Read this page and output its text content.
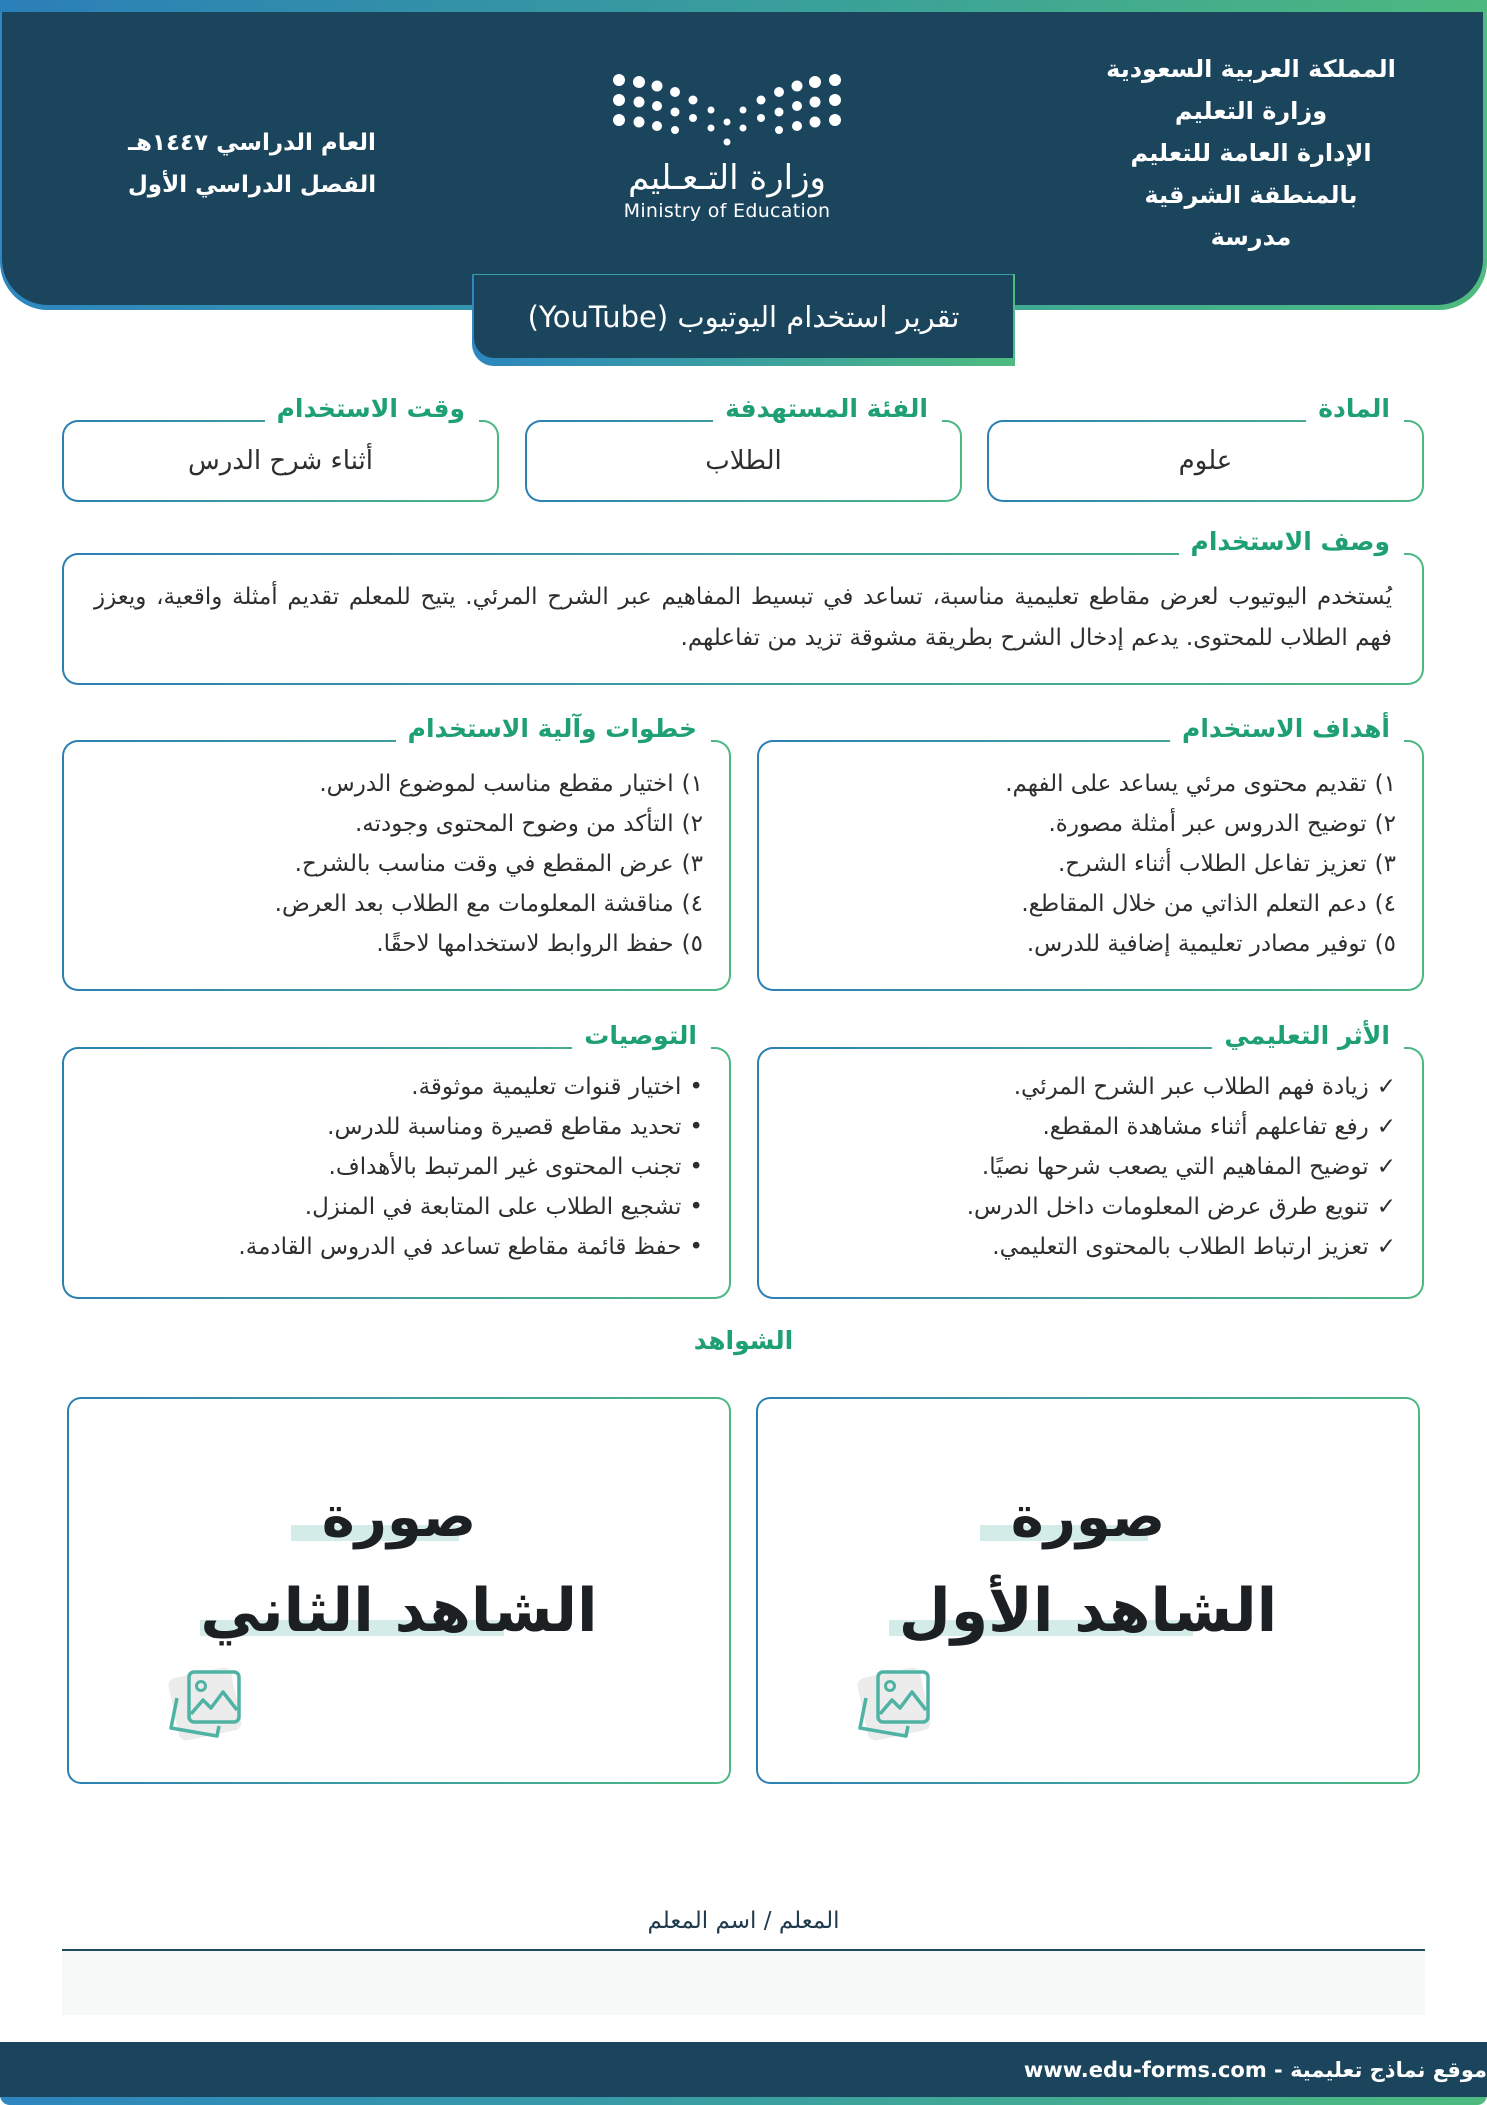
المملكة العربية السعودية
وزارة التعليم
الإدارة العامة للتعليم
بالمنطقة الشرقية
مدرسة
وزارة التـعـليم
Ministry of Education
العام الدراسي ١٤٤٧هـ
الفصل الدراسي الأول
تقرير استخدام اليوتيوب (YouTube)
المادة
علوم
الفئة المستهدفة
الطلاب
وقت الاستخدام
أثناء شرح الدرس
وصف الاستخدام
يُستخدم اليوتيوب لعرض مقاطع تعليمية مناسبة، تساعد في تبسيط المفاهيم عبر الشرح المرئي. يتيح للمعلم تقديم أمثلة واقعية، ويعزز فهم الطلاب للمحتوى. يدعم إدخال الشرح بطريقة مشوقة تزيد من تفاعلهم.
أهداف الاستخدام
١)
تقديم محتوى مرئي يساعد على الفهم.
٢)
توضيح الدروس عبر أمثلة مصورة.
٣)
تعزيز تفاعل الطلاب أثناء الشرح.
٤)
دعم التعلم الذاتي من خلال المقاطع.
٥)
توفير مصادر تعليمية إضافية للدرس.
خطوات وآلية الاستخدام
١)
اختيار مقطع مناسب لموضوع الدرس.
٢)
التأكد من وضوح المحتوى وجودته.
٣)
عرض المقطع في وقت مناسب بالشرح.
٤)
مناقشة المعلومات مع الطلاب بعد العرض.
٥)
حفظ الروابط لاستخدامها لاحقًا.
الأثر التعليمي
✓
زيادة فهم الطلاب عبر الشرح المرئي.
✓
رفع تفاعلهم أثناء مشاهدة المقطع.
✓
توضيح المفاهيم التي يصعب شرحها نصيًا.
✓
تنويع طرق عرض المعلومات داخل الدرس.
✓
تعزيز ارتباط الطلاب بالمحتوى التعليمي.
التوصيات
•
اختيار قنوات تعليمية موثوقة.
•
تحديد مقاطع قصيرة ومناسبة للدرس.
•
تجنب المحتوى غير المرتبط بالأهداف.
•
تشجيع الطلاب على المتابعة في المنزل.
•
حفظ قائمة مقاطع تساعد في الدروس القادمة.
الشواهد
صورة
الشاهد الأول
صورة
الشاهد الثاني
المعلم / اسم المعلم
موقع نماذج تعليمية - www.edu-forms.com
